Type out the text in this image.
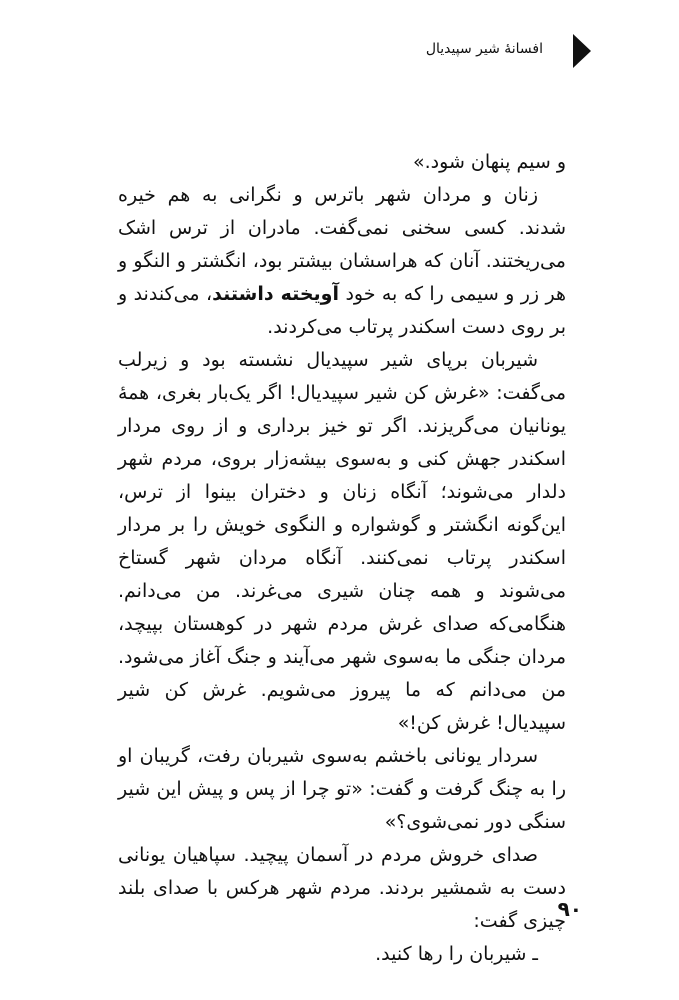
افسانهٔ شیر سپیدیال

و سیم پنهان شود.»

زنان و مردان شهر باترس و نگرانی به هم خیره شدند. کسی سخنی نمی‌گفت. مادران از ترس اشک می‌ریختند. آنان که هراسشان بیشتر بود، انگشتر و النگو و هر زر و سیمی را که به خود آویخته داشتند، می‌کندند و بر روی دست اسکندر پرتاب می‌کردند.

شیربان برپای شیر سپیدیال نشسته بود و زیرلب می‌گفت: «غرش کن شیر سپیدیال! اگر یک‌بار بغری، همهٔ یونانیان می‌گریزند. اگر تو خیز برداری و از روی مردار اسکندر جهش کنی و به‌سوی بیشه‌زار بروی، مردم شهر دلدار می‌شوند؛ آنگاه زنان و دختران بینوا از ترس، این‌گونه انگشتر و گوشواره و النگوی خویش را بر مردار اسکندر پرتاب نمی‌کنند. آنگاه مردان شهر گستاخ می‌شوند و همه چنان شیری می‌غرند. من می‌دانم. هنگامی‌که صدای غرش مردم شهر در کوهستان بپیچد، مردان جنگی ما به‌سوی شهر می‌آیند و جنگ آغاز می‌شود. من می‌دانم که ما پیروز می‌شویم. غرش کن شیر سپیدیال! غرش کن!»

سردار یونانی باخشم به‌سوی شیربان رفت، گریبان او را به چنگ گرفت و گفت: «تو چرا از پس و پیش این شیر سنگی دور نمی‌شوی؟»

صدای خروش مردم در آسمان پیچید. سپاهیان یونانی دست به شمشیر بردند. مردم شهر هرکس با صدای بلند چیزی گفت:

ـ شیربان را رها کنید.

۹۰
